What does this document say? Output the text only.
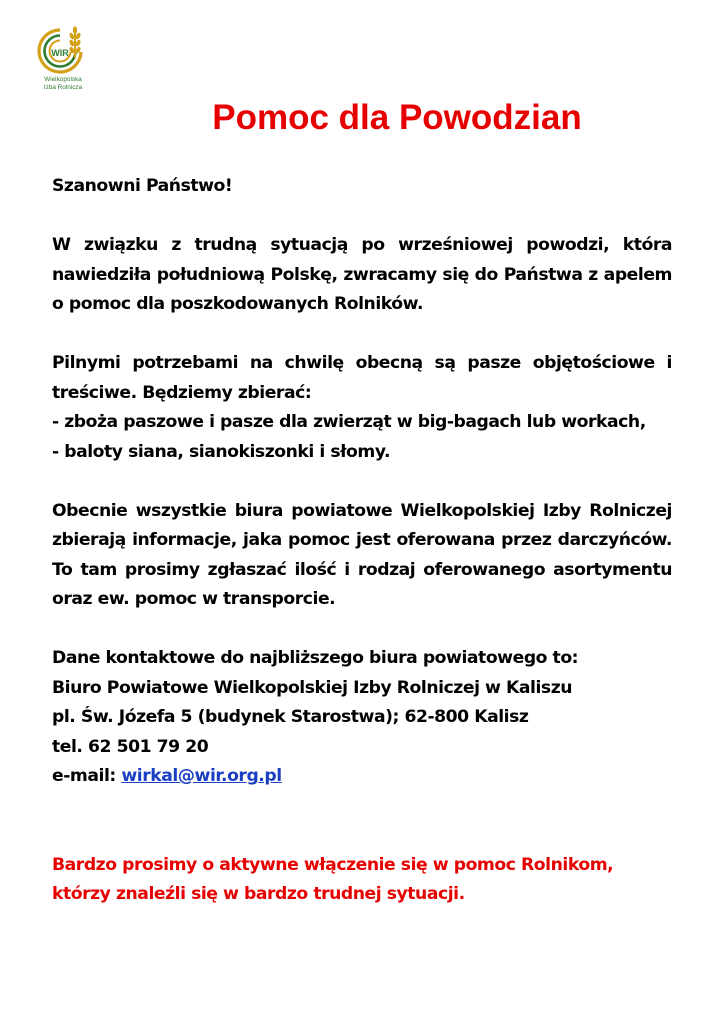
WIR
Wielkopolska
Izba Rolnicza
Pomoc dla Powodzian

Szanowni Państwo!

W związku z trudną sytuacją po wrześniowej powodzi, która nawiedziła południową Polskę, zwracamy się do Państwa z apelem o pomoc dla poszkodowanych Rolników.

Pilnymi potrzebami na chwilę obecną są pasze objętościowe i treściwe. Będziemy zbierać:
- zboża paszowe i pasze dla zwierząt w big-bagach lub workach,
- baloty siana, sianokiszonki i słomy.

Obecnie wszystkie biura powiatowe Wielkopolskiej Izby Rolniczej zbierają informacje, jaka pomoc jest oferowana przez darczyńców. To tam prosimy zgłaszać ilość i rodzaj oferowanego asortymentu oraz ew. pomoc w transporcie.

Dane kontaktowe do najbliższego biura powiatowego to:

Biuro Powiatowe Wielkopolskiej Izby Rolniczej w Kaliszu

pl. Św. Józefa 5 (budynek Starostwa); 62-800 Kalisz

tel. 62 501 79 20

e-mail: wirkal@wir.org.pl

Bardzo prosimy o aktywne włączenie się w pomoc Rolnikom, którzy znaleźli się w bardzo trudnej sytuacji.
